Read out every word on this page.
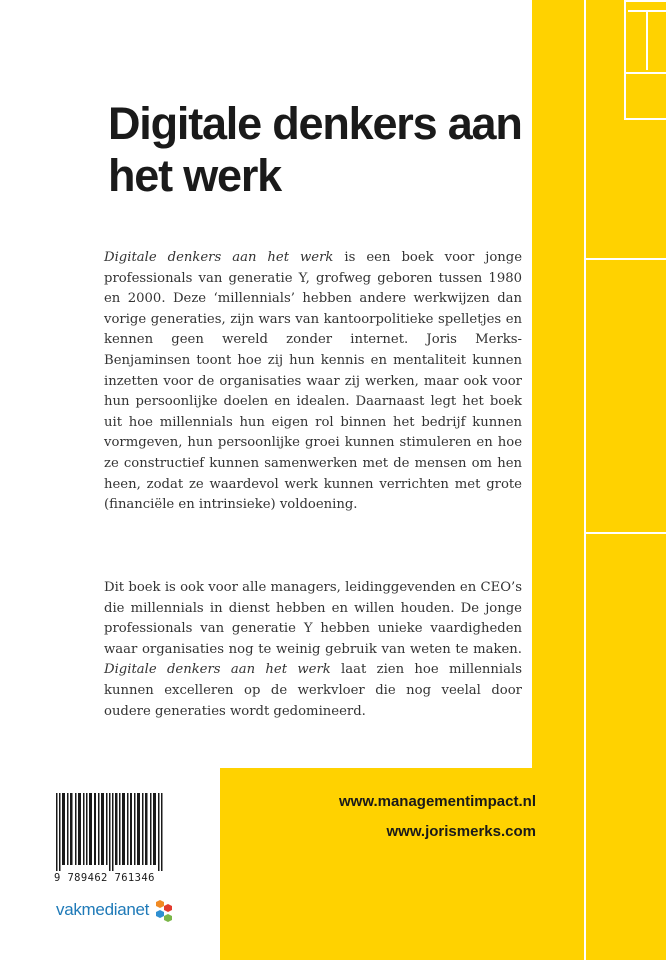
Digitale denkers aan het werk

Digitale denkers aan het werk is een boek voor jonge professionals van generatie Y, grofweg geboren tussen 1980 en 2000. Deze ‘millennials’ hebben andere werkwijzen dan vorige generaties, zijn wars van kantoorpolitieke spelletjes en kennen geen wereld zonder internet. Joris Merks-Benjaminsen toont hoe zij hun kennis en mentaliteit kunnen inzetten voor de organisaties waar zij werken, maar ook voor hun persoonlijke doelen en idealen. Daarnaast legt het boek uit hoe millennials hun eigen rol binnen het bedrijf kunnen vormgeven, hun persoonlijke groei kunnen stimuleren en hoe ze constructief kunnen samenwerken met de mensen om hen heen, zodat ze waardevol werk kunnen verrichten met grote (financiële en intrinsieke) voldoening.

Dit boek is ook voor alle managers, leidinggevenden en CEO’s die millennials in dienst hebben en willen houden. De jonge professionals van generatie Y hebben unieke vaardigheden waar organisaties nog te weinig gebruik van weten te maken. Digitale denkers aan het werk laat zien hoe millennials kunnen excelleren op de werkvloer die nog veelal door oudere generaties wordt gedomineerd.

www.managementimpact.nl
www.jorismerks.com
9 789462 761346
vakmedianet
